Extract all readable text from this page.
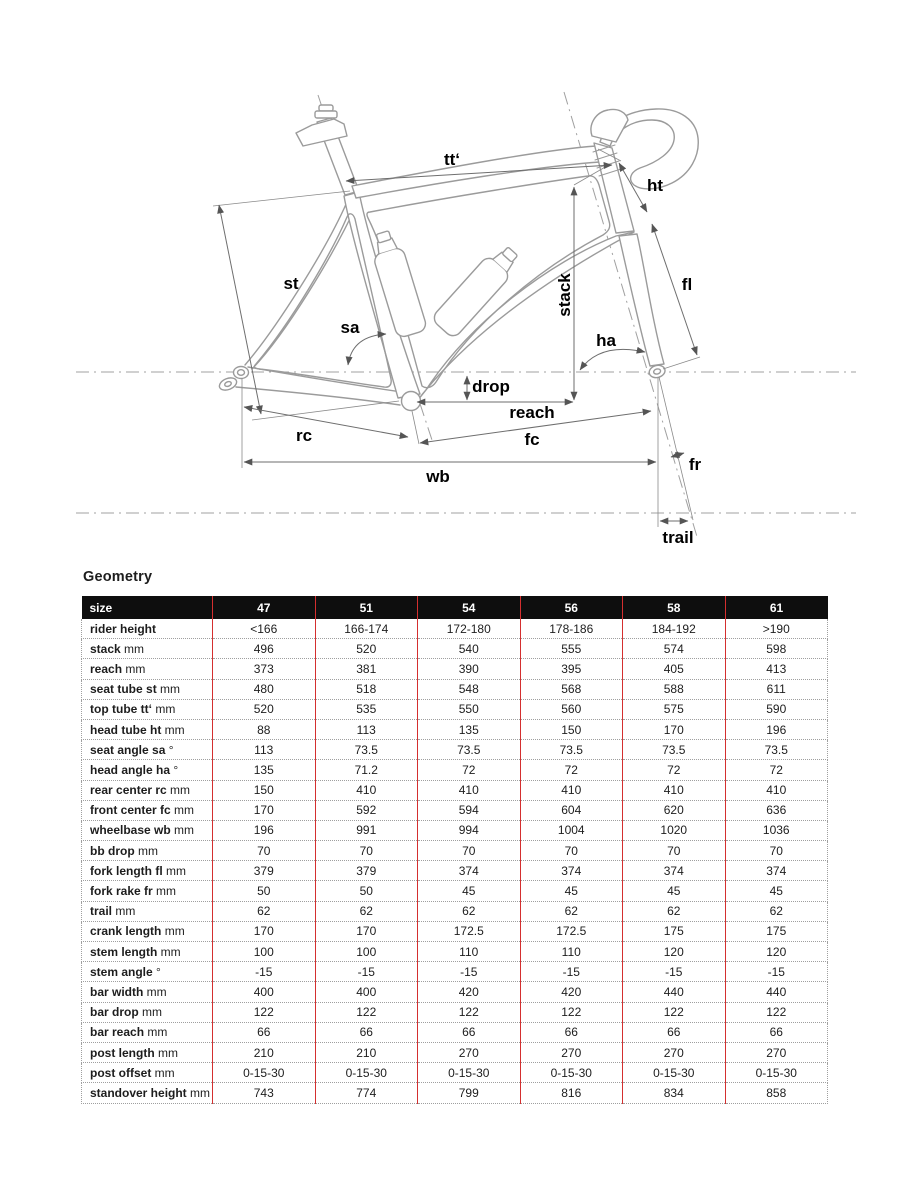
tt‘
ht
st
sa
stack
ha
fl
drop
reach
rc	fc
wb
fr
trail
Geometry
size	47	51	54	56	58	61
rider height	<166	166-174	172-180	178-186	184-192	>190
stack mm	496	520	540	555	574	598
reach mm	373	381	390	395	405	413
seat tube st mm	480	518	548	568	588	611
top tube tt‘ mm	520	535	550	560	575	590
head tube ht mm	88	113	135	150	170	196
seat angle sa °	113	73.5	73.5	73.5	73.5	73.5
head angle ha °	135	71.2	72	72	72	72
rear center rc mm	150	410	410	410	410	410
front center fc mm	170	592	594	604	620	636
wheelbase wb mm	196	991	994	1004	1020	1036
bb drop mm	70	70	70	70	70	70
fork length fl mm	379	379	374	374	374	374
fork rake fr mm	50	50	45	45	45	45
trail mm	62	62	62	62	62	62
crank length mm	170	170	172.5	172.5	175	175
stem length mm	100	100	110	110	120	120
stem angle °	-15	-15	-15	-15	-15	-15
bar width mm	400	400	420	420	440	440
bar drop mm	122	122	122	122	122	122
bar reach mm	66	66	66	66	66	66
post length mm	210	210	270	270	270	270
post offset mm	0-15-30	0-15-30	0-15-30	0-15-30	0-15-30	0-15-30
standover height mm	743	774	799	816	834	858
